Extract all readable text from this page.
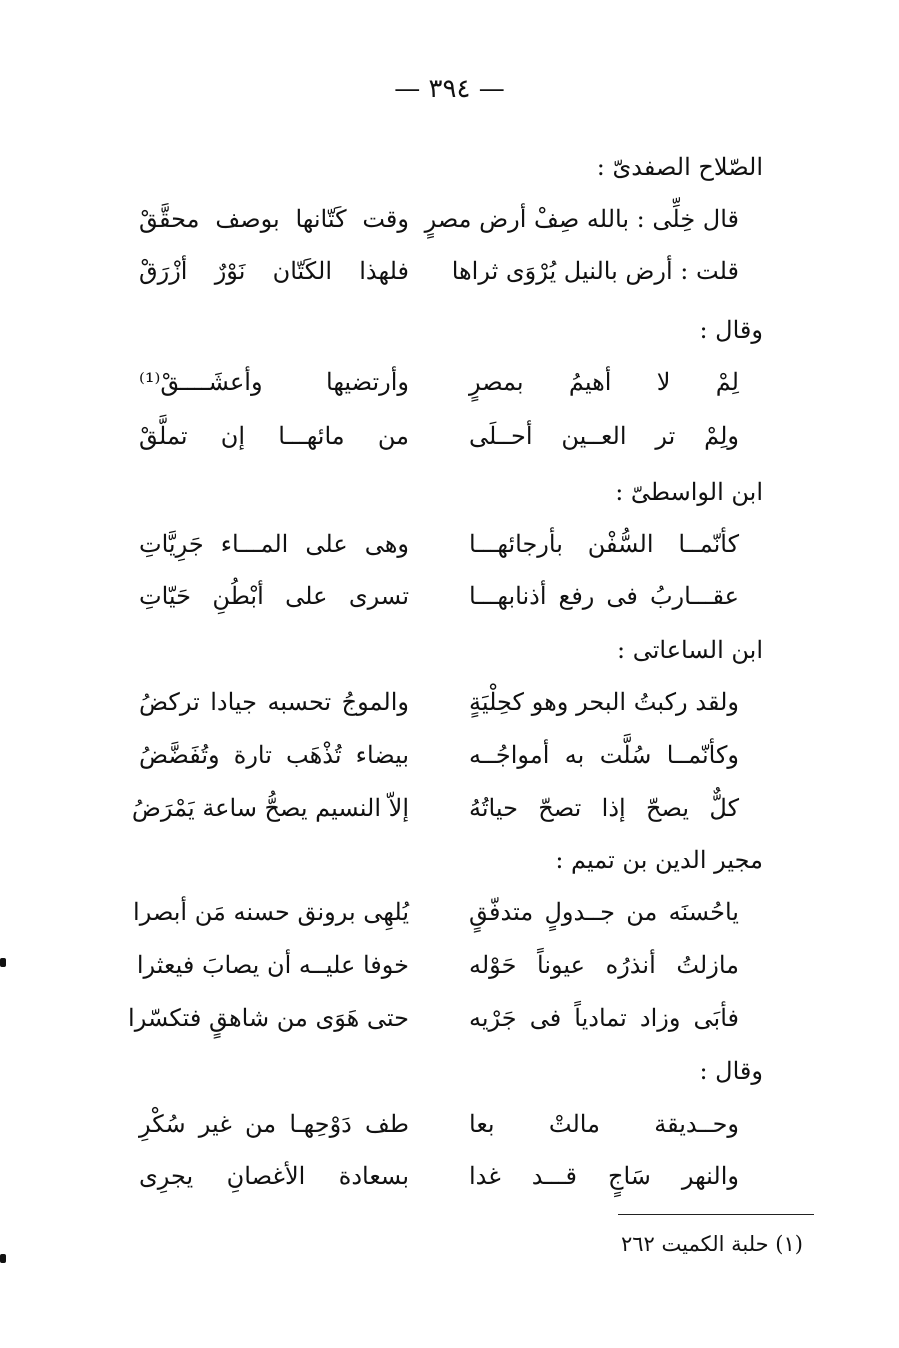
— ٣٩٤ —
الصّلاح الصفدىّ :
قال خِلِّى : بالله صِفْ أرض مصرٍ
وقت كَتّانها بوصف محقَّقْ
قلت : أرض بالنيل يُرْوَى ثراها
فلهذا الكَتّان نَوْرٌ أزْرَقْ
وقال :
لِمْ لا أهيمُ بمصرٍ
وأرتضيها وأعشَــــقْ⁽¹⁾
ولِمْ تر العــين أحــلَى
من مائهـــا إن تملَّقْ
ابن الواسطىّ :
كأنّمــا السُّفْن بأرجائهـــا
وهى على المـــاء جَرِيَّاتِ
عقـــاربُ فى رفع أذنابهـــا
تسرى على أبْطُنِ حَيّاتِ
ابن الساعاتى :
ولقد ركبتُ البحر وهو كحِلْيَةٍ
والموجُ تحسبه جيادا تركضُ
وكأنّمــا سُلَّت به أمواجُــه
بيضاء تُذْهَب تارة وتُفَضَّضُ
كلٌّ يصحّ إذا تصحّ حياتُهُ
إلاّ النسيم يصحُّ ساعة يَمْرَضُ
مجير الدين بن تميم :
ياحُسنَه من جــدولٍ متدفّقٍ
يُلهِى برونق حسنه مَن أبصرا
مازلتُ أنذرُه عيوناً حَوْله
خوفا عليــه أن يصابَ فيعثرا
فأبَى وزاد تمادياً فى جَرْيه
حتى هَوَى من شاهقٍ فتكسّرا
وقال :
وحــديقة مالتْ بعا
طف دَوْحِهـا من غير سُكْرِ
والنهر سَاجٍ قـــد غدا
بسعادة الأغصانِ يجرِى
(١) حلبة الكميت ٢٦٢
